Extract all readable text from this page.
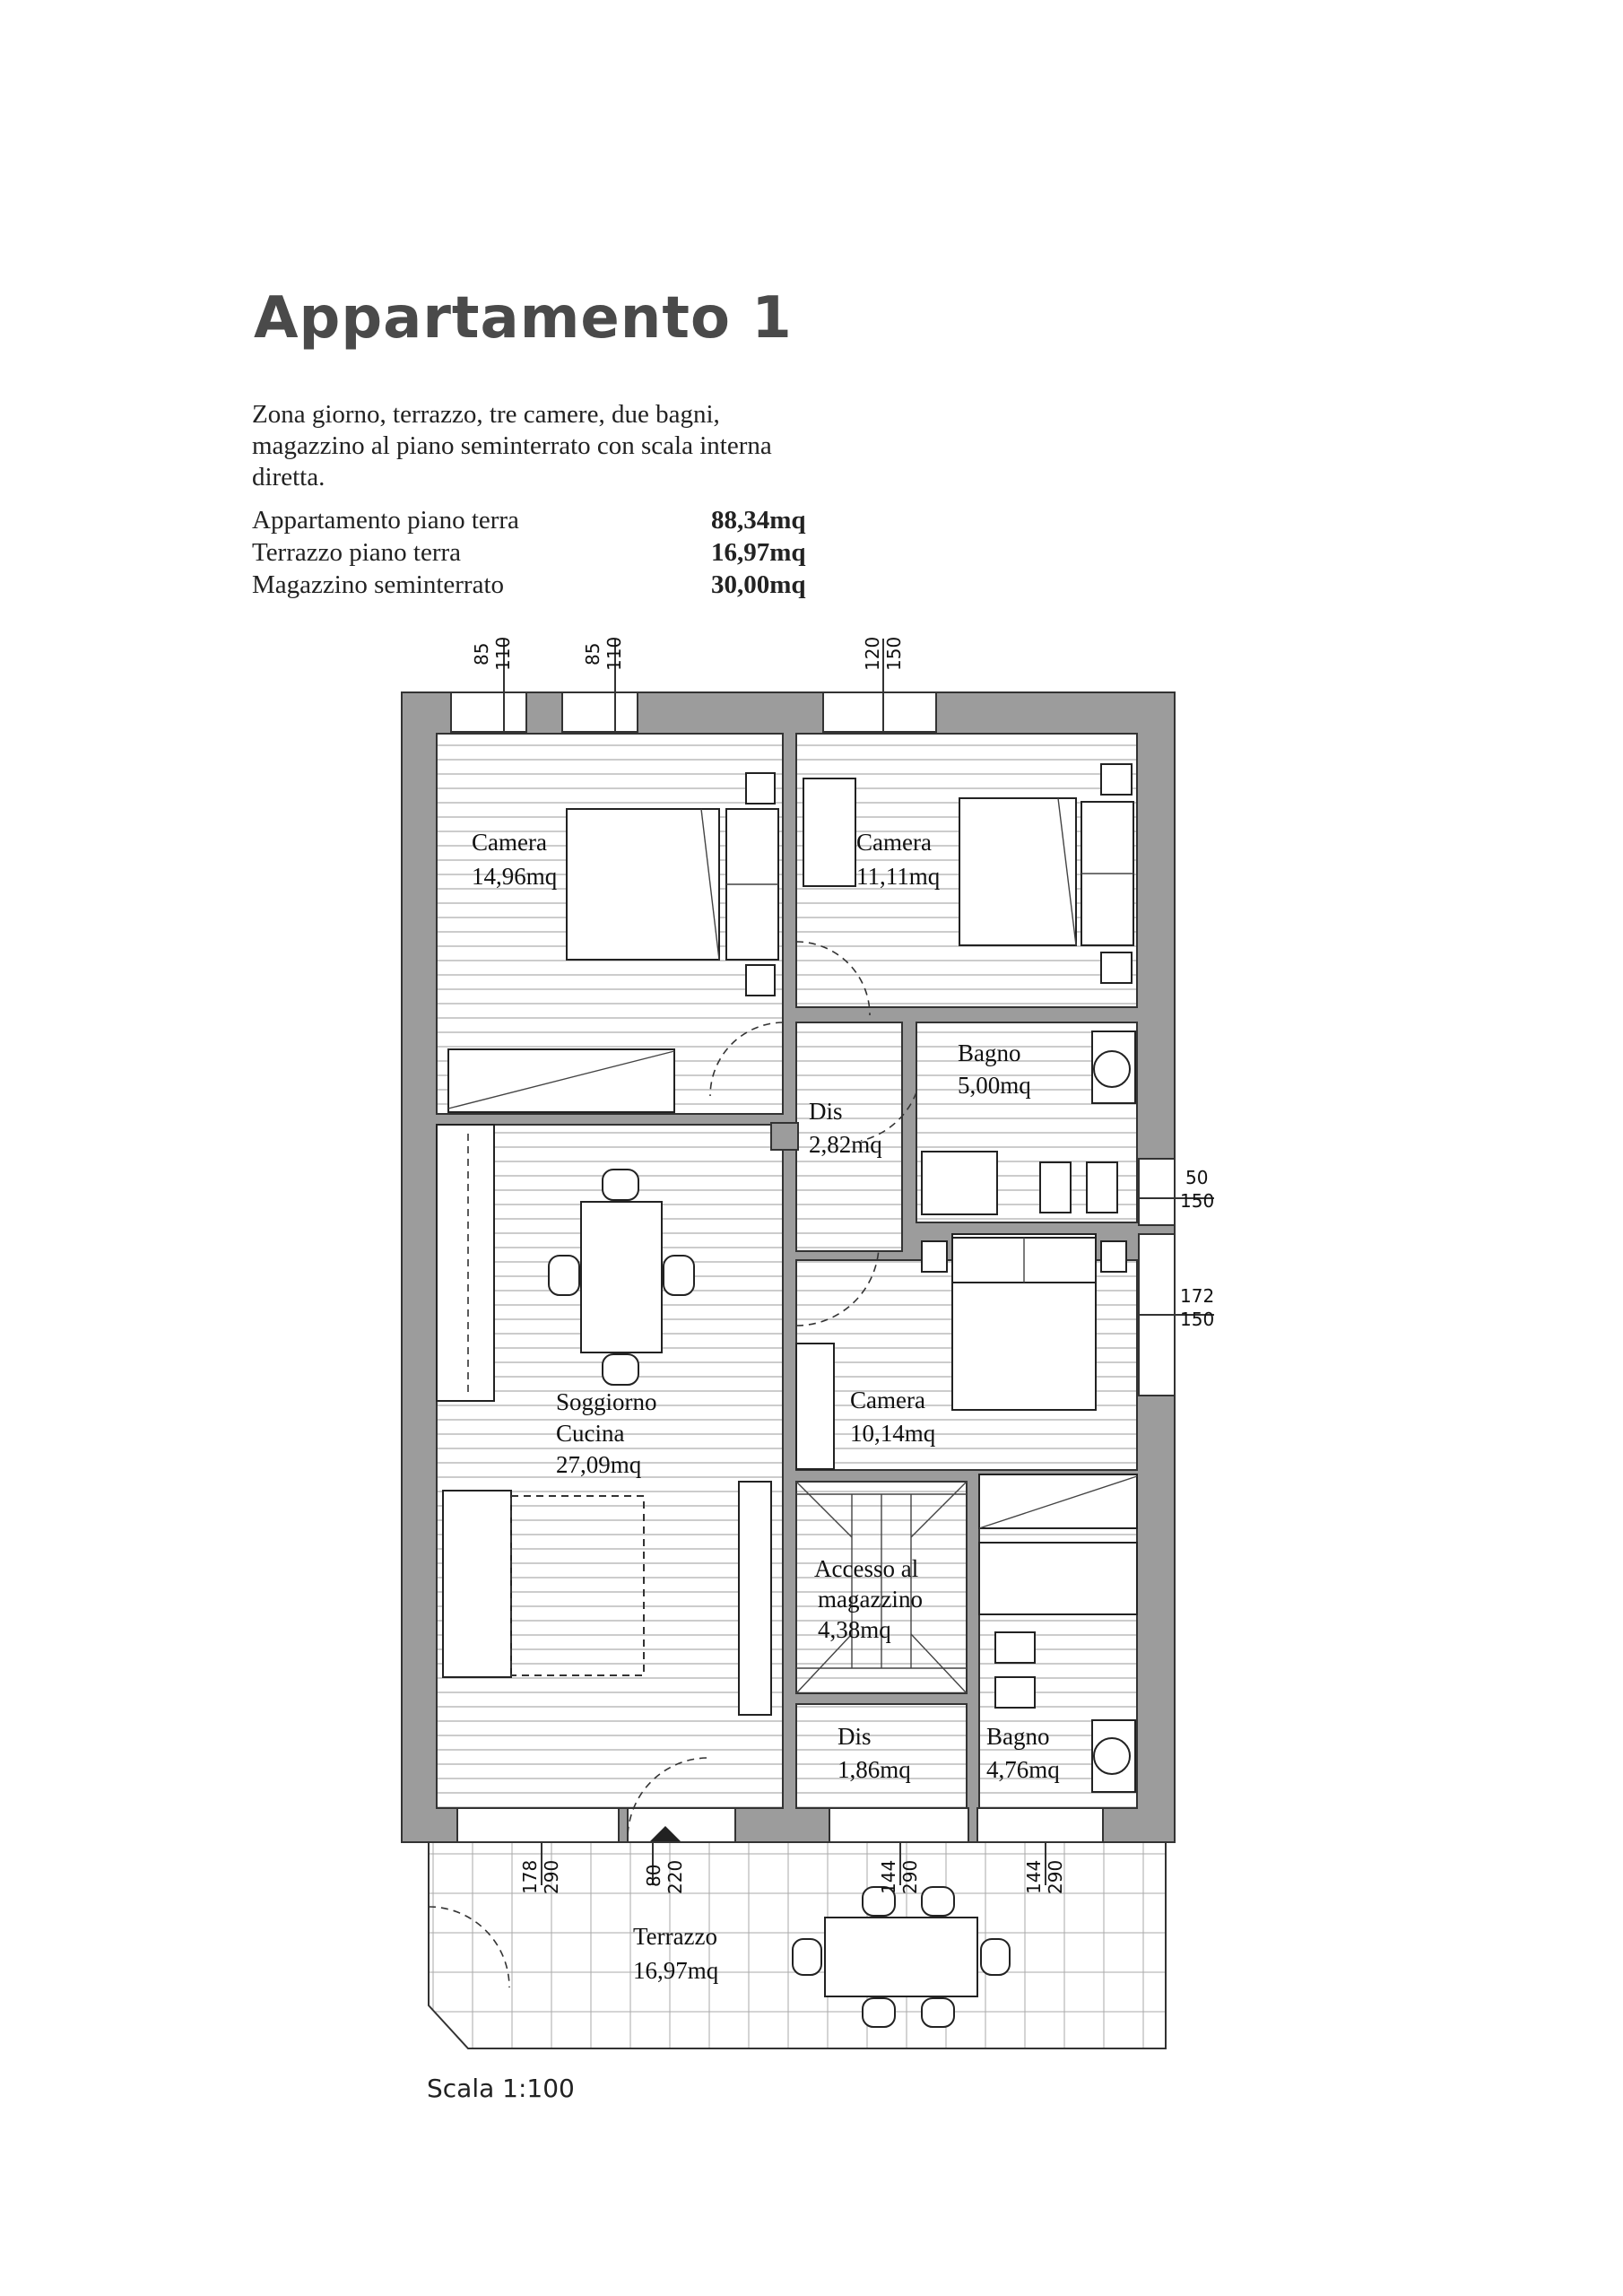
Appartamento 1
Zona giorno, terrazzo, tre camere, due bagni, magazzino al piano seminterrato con scala interna diretta.
Appartamento piano terra	88,34mq
Terrazzo piano terra	16,97mq
Magazzino seminterrato	30,00mq
Camera
14,96mq
Camera
11,11mq
Bagno
5,00mq
Dis
2,82mq
Soggiorno
Cucina
27,09mq
Camera
10,14mq
Accesso al
magazzino
4,38mq
Dis
1,86mq
Bagno
4,76mq
Terrazzo
16,97mq
85 110	85 110	120 150
50
150
172
150
178 290	80 220	144 290	144 290
Scala 1:100
